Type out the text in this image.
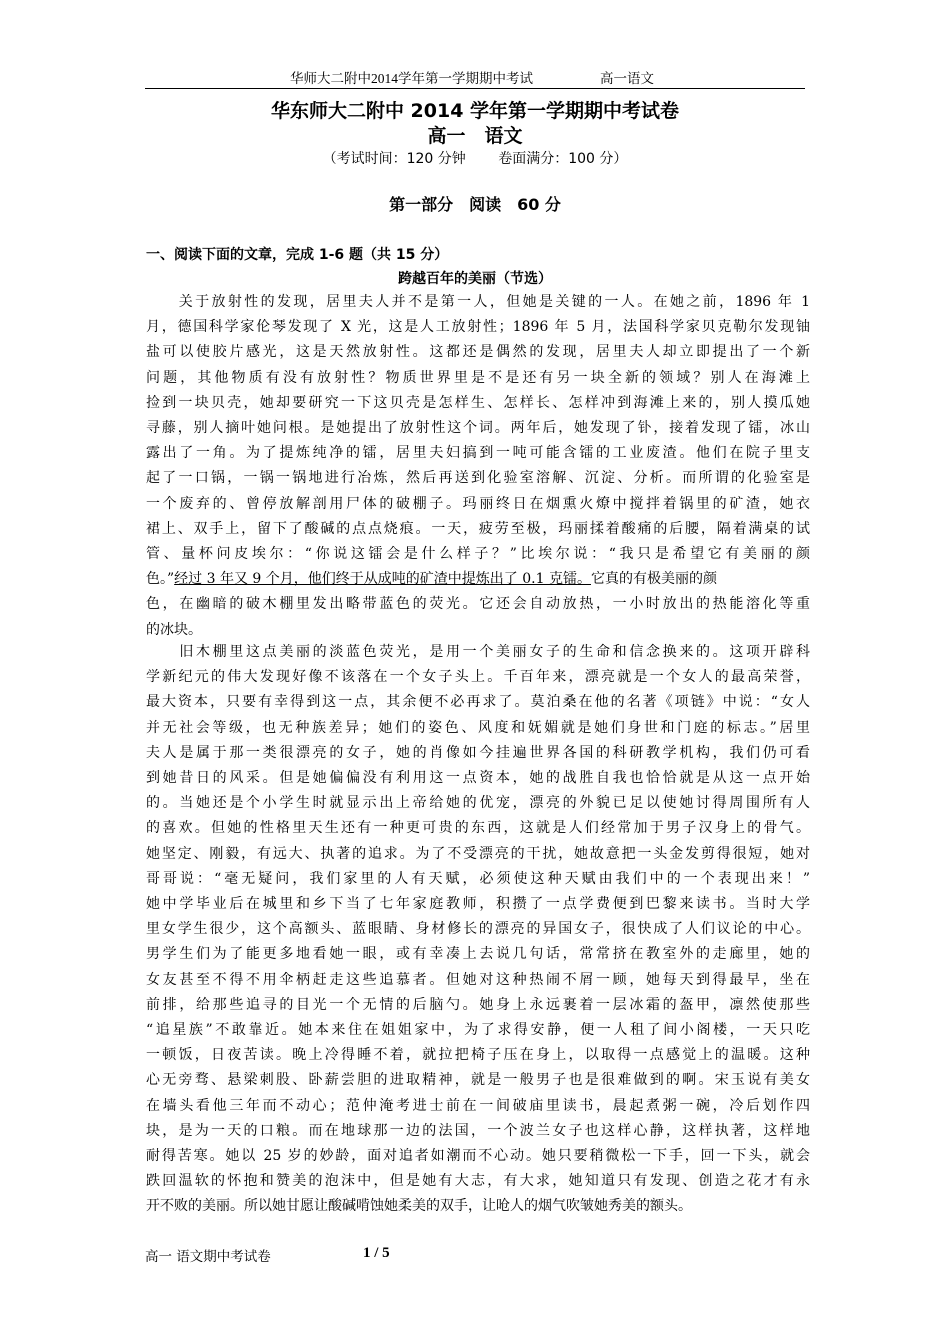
华师大二附中2014学年第一学期期中考试	高一语文
华东师大二附中 2014 学年第一学期期中考试卷
高一　语文
（考试时间：120 分钟 卷面满分：100 分）
第一部分　阅读　60 分
一、阅读下面的文章，完成 1-6 题（共 15 分）
跨越百年的美丽（节选）
　　关于放射性的发现，居里夫人并不是第一人，但她是关键的一人。在她之前，1896 年 1
月，德国科学家伦琴发现了 X 光，这是人工放射性；1896 年 5 月，法国科学家贝克勒尔发现铀
盐可以使胶片感光，这是天然放射性。这都还是偶然的发现，居里夫人却立即提出了一个新
问题，其他物质有没有放射性？物质世界里是不是还有另一块全新的领域？别人在海滩上
捡到一块贝壳，她却要研究一下这贝壳是怎样生、怎样长、怎样冲到海滩上来的，别人摸瓜她
寻藤，别人摘叶她问根。是她提出了放射性这个词。两年后，她发现了钋，接着发现了镭，冰山
露出了一角。为了提炼纯净的镭，居里夫妇搞到一吨可能含镭的工业废渣。他们在院子里支
起了一口锅，一锅一锅地进行冶炼，然后再送到化验室溶解、沉淀、分析。而所谓的化验室是
一个废弃的、曾停放解剖用尸体的破棚子。玛丽终日在烟熏火燎中搅拌着锅里的矿渣，她衣
裙上、双手上，留下了酸碱的点点烧痕。一天，疲劳至极，玛丽揉着酸痛的后腰，隔着满桌的试
管、量杯问皮埃尔：“你说这镭会是什么样子？”比埃尔说：“我只是希望它有美丽的颜
色。”经过 3 年又 9 个月，他们终于从成吨的矿渣中提炼出了 0.1 克镭。它真的有极美丽的颜
色，在幽暗的破木棚里发出略带蓝色的荧光。它还会自动放热，一小时放出的热能溶化等重
的冰块。
　　旧木棚里这点美丽的淡蓝色荧光，是用一个美丽女子的生命和信念换来的。这项开辟科
学新纪元的伟大发现好像不该落在一个女子头上。千百年来，漂亮就是一个女人的最高荣誉，
最大资本，只要有幸得到这一点，其余便不必再求了。莫泊桑在他的名著《项链》中说：“女人
并无社会等级，也无种族差异；她们的姿色、风度和妩媚就是她们身世和门庭的标志。”居里
夫人是属于那一类很漂亮的女子，她的肖像如今挂遍世界各国的科研教学机构，我们仍可看
到她昔日的风采。但是她偏偏没有利用这一点资本，她的战胜自我也恰恰就是从这一点开始
的。当她还是个小学生时就显示出上帝给她的优宠，漂亮的外貌已足以使她讨得周围所有人
的喜欢。但她的性格里天生还有一种更可贵的东西，这就是人们经常加于男子汉身上的骨气。
她坚定、刚毅，有远大、执著的追求。为了不受漂亮的干扰，她故意把一头金发剪得很短，她对
哥哥说：“毫无疑问，我们家里的人有天赋，必须使这种天赋由我们中的一个表现出来！”
她中学毕业后在城里和乡下当了七年家庭教师，积攒了一点学费便到巴黎来读书。当时大学
里女学生很少，这个高额头、蓝眼睛、身材修长的漂亮的异国女子，很快成了人们议论的中心。
男学生们为了能更多地看她一眼，或有幸凑上去说几句话，常常挤在教室外的走廊里，她的
女友甚至不得不用伞柄赶走这些追慕者。但她对这种热闹不屑一顾，她每天到得最早，坐在
前排，给那些追寻的目光一个无情的后脑勺。她身上永远裹着一层冰霜的盔甲，凛然使那些
“追星族”不敢靠近。她本来住在姐姐家中，为了求得安静，便一人租了间小阁楼，一天只吃
一顿饭，日夜苦读。晚上冷得睡不着，就拉把椅子压在身上，以取得一点感觉上的温暖。这种
心无旁骛、悬梁刺股、卧薪尝胆的进取精神，就是一般男子也是很难做到的啊。宋玉说有美女
在墙头看他三年而不动心；范仲淹考进士前在一间破庙里读书，晨起煮粥一碗，冷后划作四
块，是为一天的口粮。而在地球那一边的法国，一个波兰女子也这样心静，这样执著，这样地
耐得苦寒。她以 25 岁的妙龄，面对追者如潮而不心动。她只要稍微松一下手，回一下头，就会
跌回温软的怀抱和赞美的泡沫中，但是她有大志，有大求，她知道只有发现、创造之花才有永
开不败的美丽。所以她甘愿让酸碱啃蚀她柔美的双手，让呛人的烟气吹皱她秀美的额头。
高一 语文期中考试卷	1 / 5
